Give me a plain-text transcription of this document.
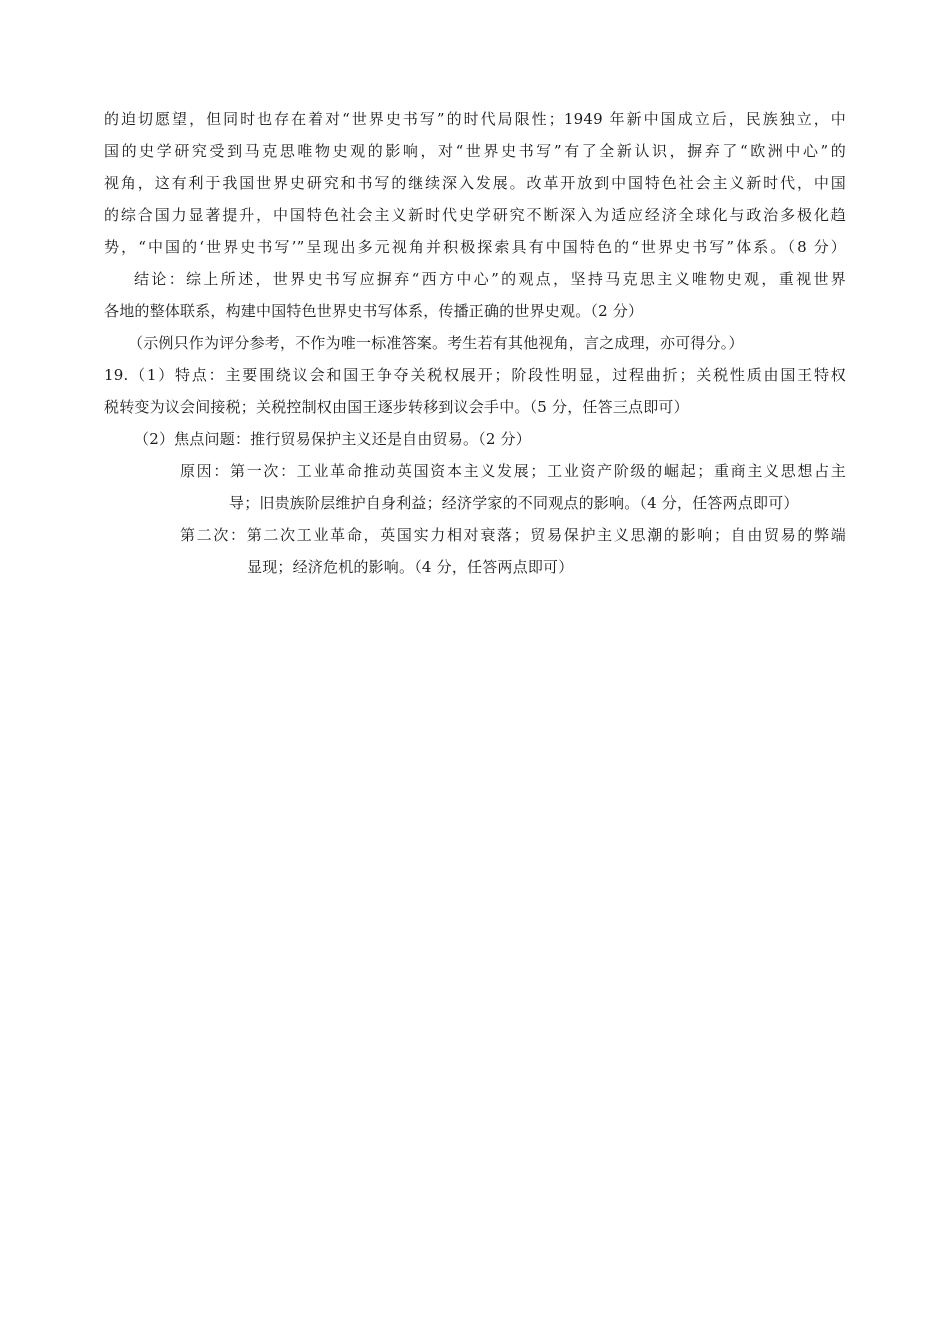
的迫切愿望，但同时也存在着对“世界史书写”的时代局限性；1949 年新中国成立后，民族独立，中
国的史学研究受到马克思唯物史观的影响，对“世界史书写”有了全新认识，摒弃了“欧洲中心”的
视角，这有利于我国世界史研究和书写的继续深入发展。改革开放到中国特色社会主义新时代，中国
的综合国力显著提升，中国特色社会主义新时代史学研究不断深入为适应经济全球化与政治多极化趋
势，“中国的‘世界史书写’”呈现出多元视角并积极探索具有中国特色的“世界史书写”体系。（8 分）
结论：综上所述，世界史书写应摒弃“西方中心”的观点，坚持马克思主义唯物史观，重视世界
各地的整体联系，构建中国特色世界史书写体系，传播正确的世界史观。（2 分）
（示例只作为评分参考，不作为唯一标准答案。考生若有其他视角，言之成理，亦可得分。）
19.（1）特点：主要围绕议会和国王争夺关税权展开；阶段性明显，过程曲折；关税性质由国王特权
税转变为议会间接税；关税控制权由国王逐步转移到议会手中。（5 分，任答三点即可）
（2）焦点问题：推行贸易保护主义还是自由贸易。（2 分）
原因：第一次：工业革命推动英国资本主义发展；工业资产阶级的崛起；重商主义思想占主
导；旧贵族阶层维护自身利益；经济学家的不同观点的影响。（4 分，任答两点即可）
第二次：第二次工业革命，英国实力相对衰落；贸易保护主义思潮的影响；自由贸易的弊端
显现；经济危机的影响。（4 分，任答两点即可）
